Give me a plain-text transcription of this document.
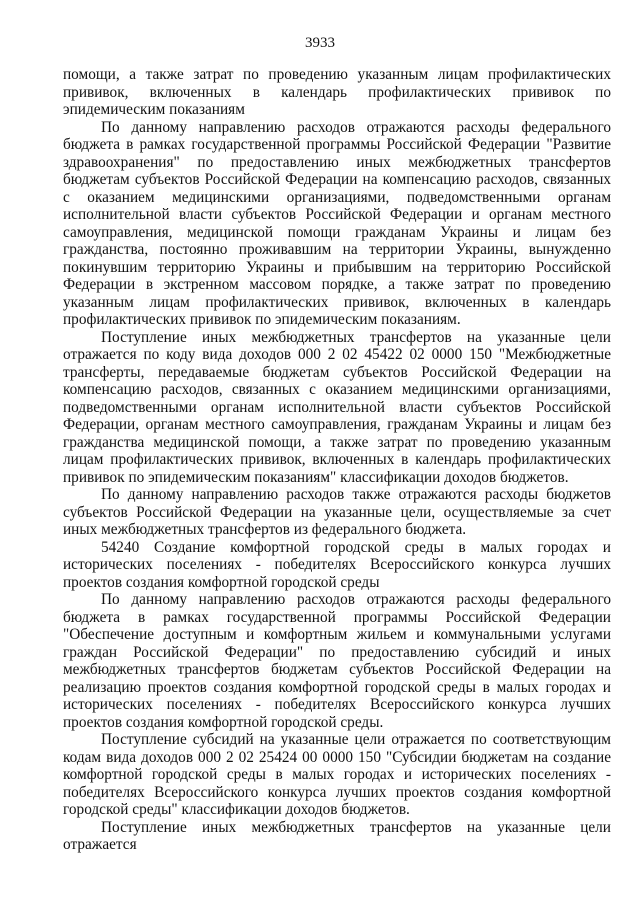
3933

помощи, а также затрат по проведению указанным лицам профилактических прививок, включенных в календарь профилактических прививок по эпидемическим показаниям

По данному направлению расходов отражаются расходы федерального бюджета в рамках государственной программы Российской Федерации "Развитие здравоохранения" по предоставлению иных межбюджетных трансфертов бюджетам субъектов Российской Федерации на компенсацию расходов, связанных с оказанием медицинскими организациями, подведомственными органам исполнительной власти субъектов Российской Федерации и органам местного самоуправления, медицинской помощи гражданам Украины и лицам без гражданства, постоянно проживавшим на территории Украины, вынужденно покинувшим территорию Украины и прибывшим на территорию Российской Федерации в экстренном массовом порядке, а также затрат по проведению указанным лицам профилактических прививок, включенных в календарь профилактических прививок по эпидемическим показаниям.

Поступление иных межбюджетных трансфертов на указанные цели отражается по коду вида доходов 000 2 02 45422 02 0000 150 "Межбюджетные трансферты, передаваемые бюджетам субъектов Российской Федерации на компенсацию расходов, связанных с оказанием медицинскими организациями, подведомственными органам исполнительной власти субъектов Российской Федерации, органам местного самоуправления, гражданам Украины и лицам без гражданства медицинской помощи, а также затрат по проведению указанным лицам профилактических прививок, включенных в календарь профилактических прививок по эпидемическим показаниям" классификации доходов бюджетов.

По данному направлению расходов также отражаются расходы бюджетов субъектов Российской Федерации на указанные цели, осуществляемые за счет иных межбюджетных трансфертов из федерального бюджета.

54240 Создание комфортной городской среды в малых городах и исторических поселениях - победителях Всероссийского конкурса лучших проектов создания комфортной городской среды

По данному направлению расходов отражаются расходы федерального бюджета в рамках государственной программы Российской Федерации "Обеспечение доступным и комфортным жильем и коммунальными услугами граждан Российской Федерации" по предоставлению субсидий и иных межбюджетных трансфертов бюджетам субъектов Российской Федерации на реализацию проектов создания комфортной городской среды в малых городах и исторических поселениях - победителях Всероссийского конкурса лучших проектов создания комфортной городской среды.

Поступление субсидий на указанные цели отражается по соответствующим кодам вида доходов 000 2 02 25424 00 0000 150 "Субсидии бюджетам на создание комфортной городской среды в малых городах и исторических поселениях - победителях Всероссийского конкурса лучших проектов создания комфортной городской среды" классификации доходов бюджетов.

Поступление иных межбюджетных трансфертов на указанные цели отражается
